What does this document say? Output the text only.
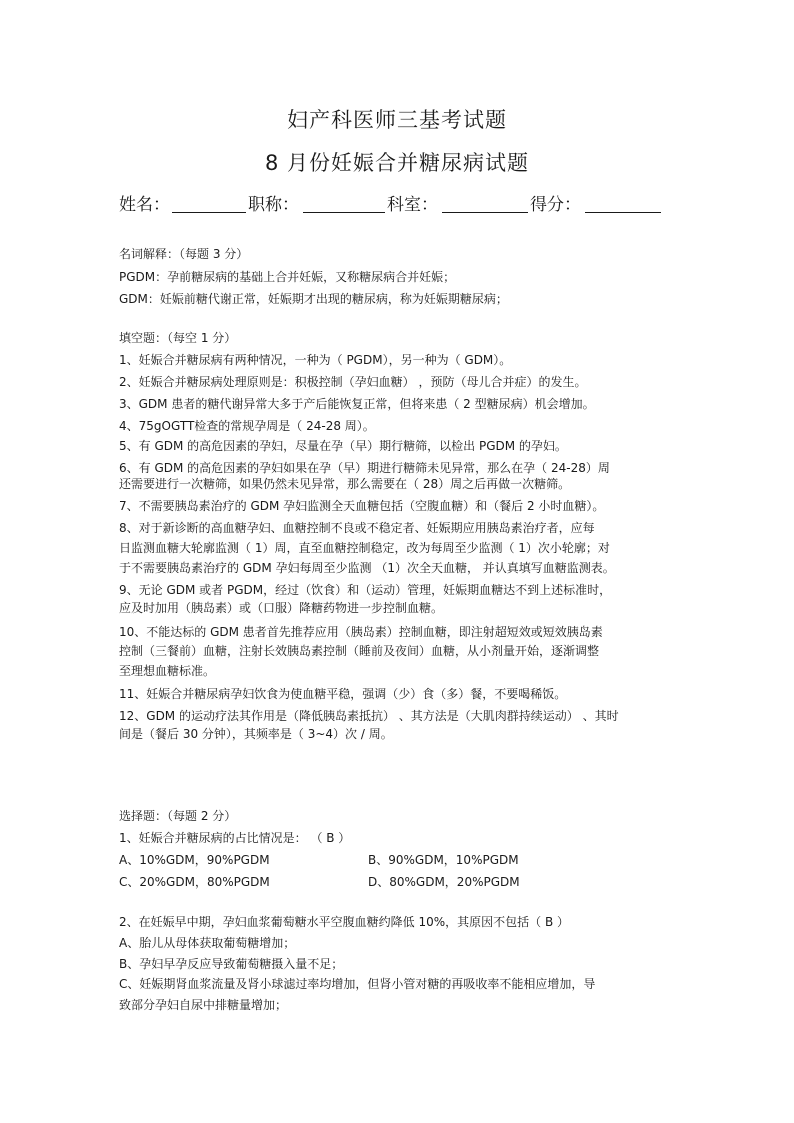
妇产科医师三基考试题
8 月份妊娠合并糖尿病试题
姓名：	职称：	科室：	得分：
名词解释：（每题 3 分）
PGDM：孕前糖尿病的基础上合并妊娠，又称糖尿病合并妊娠；
GDM：妊娠前糖代谢正常，妊娠期才出现的糖尿病，称为妊娠期糖尿病；
填空题：（每空 1 分）
1、妊娠合并糖尿病有两种情况，一种为（ PGDM），另一种为（ GDM）。
2、妊娠合并糖尿病处理原则是：积极控制（孕妇血糖） ，预防（母儿合并症）的发生。
3、GDM 患者的糖代谢异常大多于产后能恢复正常，但将来患（ 2 型糖尿病）机会增加。
4、75gOGTT检查的常规孕周是（ 24-28 周）。
5、有 GDM 的高危因素的孕妇，尽量在孕（早）期行糖筛，以检出 PGDM 的孕妇。
6、有 GDM 的高危因素的孕妇如果在孕（早）期进行糖筛未见异常，那么在孕（ 24-28）周
还需要进行一次糖筛，如果仍然未见异常，那么需要在（ 28）周之后再做一次糖筛。
7、不需要胰岛素治疗的 GDM 孕妇监测全天血糖包括（空腹血糖）和（餐后 2 小时血糖）。
8、对于新诊断的高血糖孕妇、血糖控制不良或不稳定者、妊娠期应用胰岛素治疗者，应每
日监测血糖大轮廓监测（ 1）周，直至血糖控制稳定，改为每周至少监测（ 1）次小轮廓；对
于不需要胰岛素治疗的 GDM 孕妇每周至少监测 （1）次全天血糖， 并认真填写血糖监测表。
9、无论 GDM 或者 PGDM，经过（饮食）和（运动）管理，妊娠期血糖达不到上述标准时，
应及时加用（胰岛素）或（口服）降糖药物进一步控制血糖。
10、不能达标的 GDM 患者首先推荐应用（胰岛素）控制血糖，即注射超短效或短效胰岛素
控制（三餐前）血糖，注射长效胰岛素控制（睡前及夜间）血糖，从小剂量开始，逐渐调整
至理想血糖标准。
11、妊娠合并糖尿病孕妇饮食为使血糖平稳，强调（少）食（多）餐，不要喝稀饭。
12、GDM 的运动疗法其作用是（降低胰岛素抵抗） 、其方法是（大肌肉群持续运动） 、其时
间是（餐后 30 分钟），其频率是（ 3~4）次 / 周。
选择题：（每题 2 分）
1、妊娠合并糖尿病的占比情况是： （ B ）
A、10%GDM，90%PGDM	B、90%GDM，10%PGDM
C、20%GDM，80%PGDM	D、80%GDM，20%PGDM
2、在妊娠早中期，孕妇血浆葡萄糖水平空腹血糖约降低 10%，其原因不包括（ B ）
A、胎儿从母体获取葡萄糖增加；
B、孕妇早孕反应导致葡萄糖摄入量不足；
C、妊娠期肾血浆流量及肾小球滤过率均增加，但肾小管对糖的再吸收率不能相应增加，导
致部分孕妇自尿中排糖量增加；
